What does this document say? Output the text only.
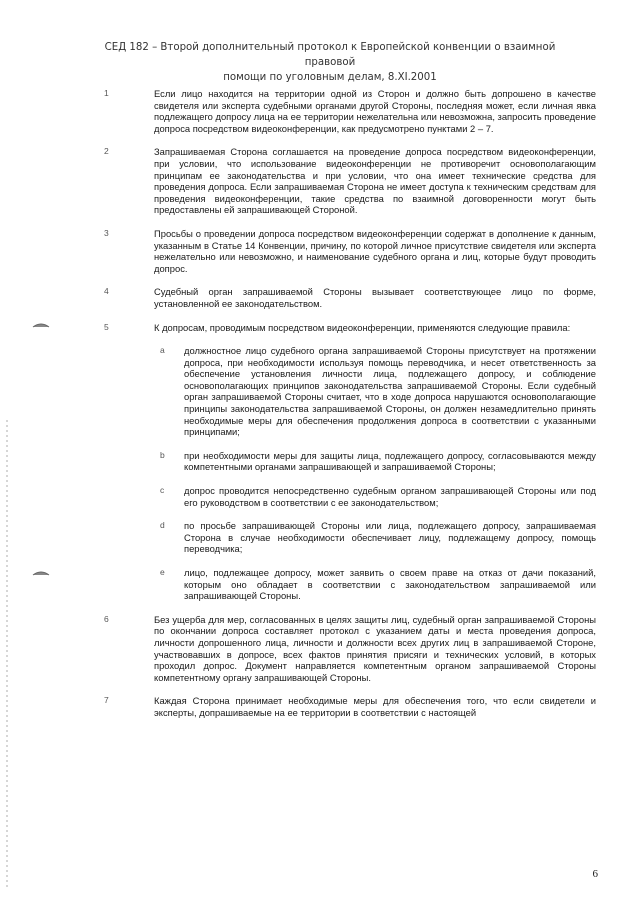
СЕД 182 – Второй дополнительный протокол к Европейской конвенции о взаимной правовой
помощи по уголовным делам, 8.XI.2001
1	Если лицо находится на территории одной из Сторон и должно быть допрошено в качестве свидетеля или эксперта судебными органами другой Стороны, последняя может, если личная явка подлежащего допросу лица на ее территории нежелательна или невозможна, запросить проведение допроса посредством видеоконференции, как предусмотрено пунктами 2 – 7.
2	Запрашиваемая Сторона соглашается на проведение допроса посредством видеоконференции, при условии, что использование видеоконференции не противоречит основополагающим принципам ее законодательства и при условии, что она имеет технические средства для проведения допроса. Если запрашиваемая Сторона не имеет доступа к техническим средствам для проведения видеоконференции, такие средства по взаимной договоренности могут быть предоставлены ей запрашивающей Стороной.
3	Просьбы о проведении допроса посредством видеоконференции содержат в дополнение к данным, указанным в Статье 14 Конвенции, причину, по которой личное присутствие свидетеля или эксперта нежелательно или невозможно, и наименование судебного органа и лиц, которые будут проводить допрос.
4	Судебный орган запрашиваемой Стороны вызывает соответствующее лицо по форме, установленной ее законодательством.
5	К допросам, проводимым посредством видеоконференции, применяются следующие правила:
a должностное лицо судебного органа запрашиваемой Стороны присутствует на протяжении допроса, при необходимости используя помощь переводчика, и несет ответственность за обеспечение установления личности лица, подлежащего допросу, и соблюдение основополагающих принципов законодательства запрашиваемой Стороны. Если судебный орган запрашиваемой Стороны считает, что в ходе допроса нарушаются основополагающие принципы законодательства запрашиваемой Стороны, он должен незамедлительно принять необходимые меры для обеспечения продолжения допроса в соответствии с указанными принципами;
b при необходимости меры для защиты лица, подлежащего допросу, согласовываются между компетентными органами запрашивающей и запрашиваемой Стороны;
c допрос проводится непосредственно судебным органом запрашивающей Стороны или под его руководством в соответствии с ее законодательством;
d по просьбе запрашивающей Стороны или лица, подлежащего допросу, запрашиваемая Сторона в случае необходимости обеспечивает лицу, подлежащему допросу, помощь переводчика;
e лицо, подлежащее допросу, может заявить о своем праве на отказ от дачи показаний, которым оно обладает в соответствии с законодательством запрашиваемой или запрашивающей Стороны.
6	Без ущерба для мер, согласованных в целях защиты лиц, судебный орган запрашиваемой Стороны по окончании допроса составляет протокол с указанием даты и места проведения допроса, личности допрошенного лица, личности и должности всех других лиц в запрашиваемой Стороне, участвовавших в допросе, всех фактов принятия присяги и технических условий, в которых проходил допрос. Документ направляется компетентным органом запрашиваемой Стороны компетентному органу запрашивающей Стороны.
7	Каждая Сторона принимает необходимые меры для обеспечения того, что если свидетели и эксперты, допрашиваемые на ее территории в соответствии с настоящей
6
